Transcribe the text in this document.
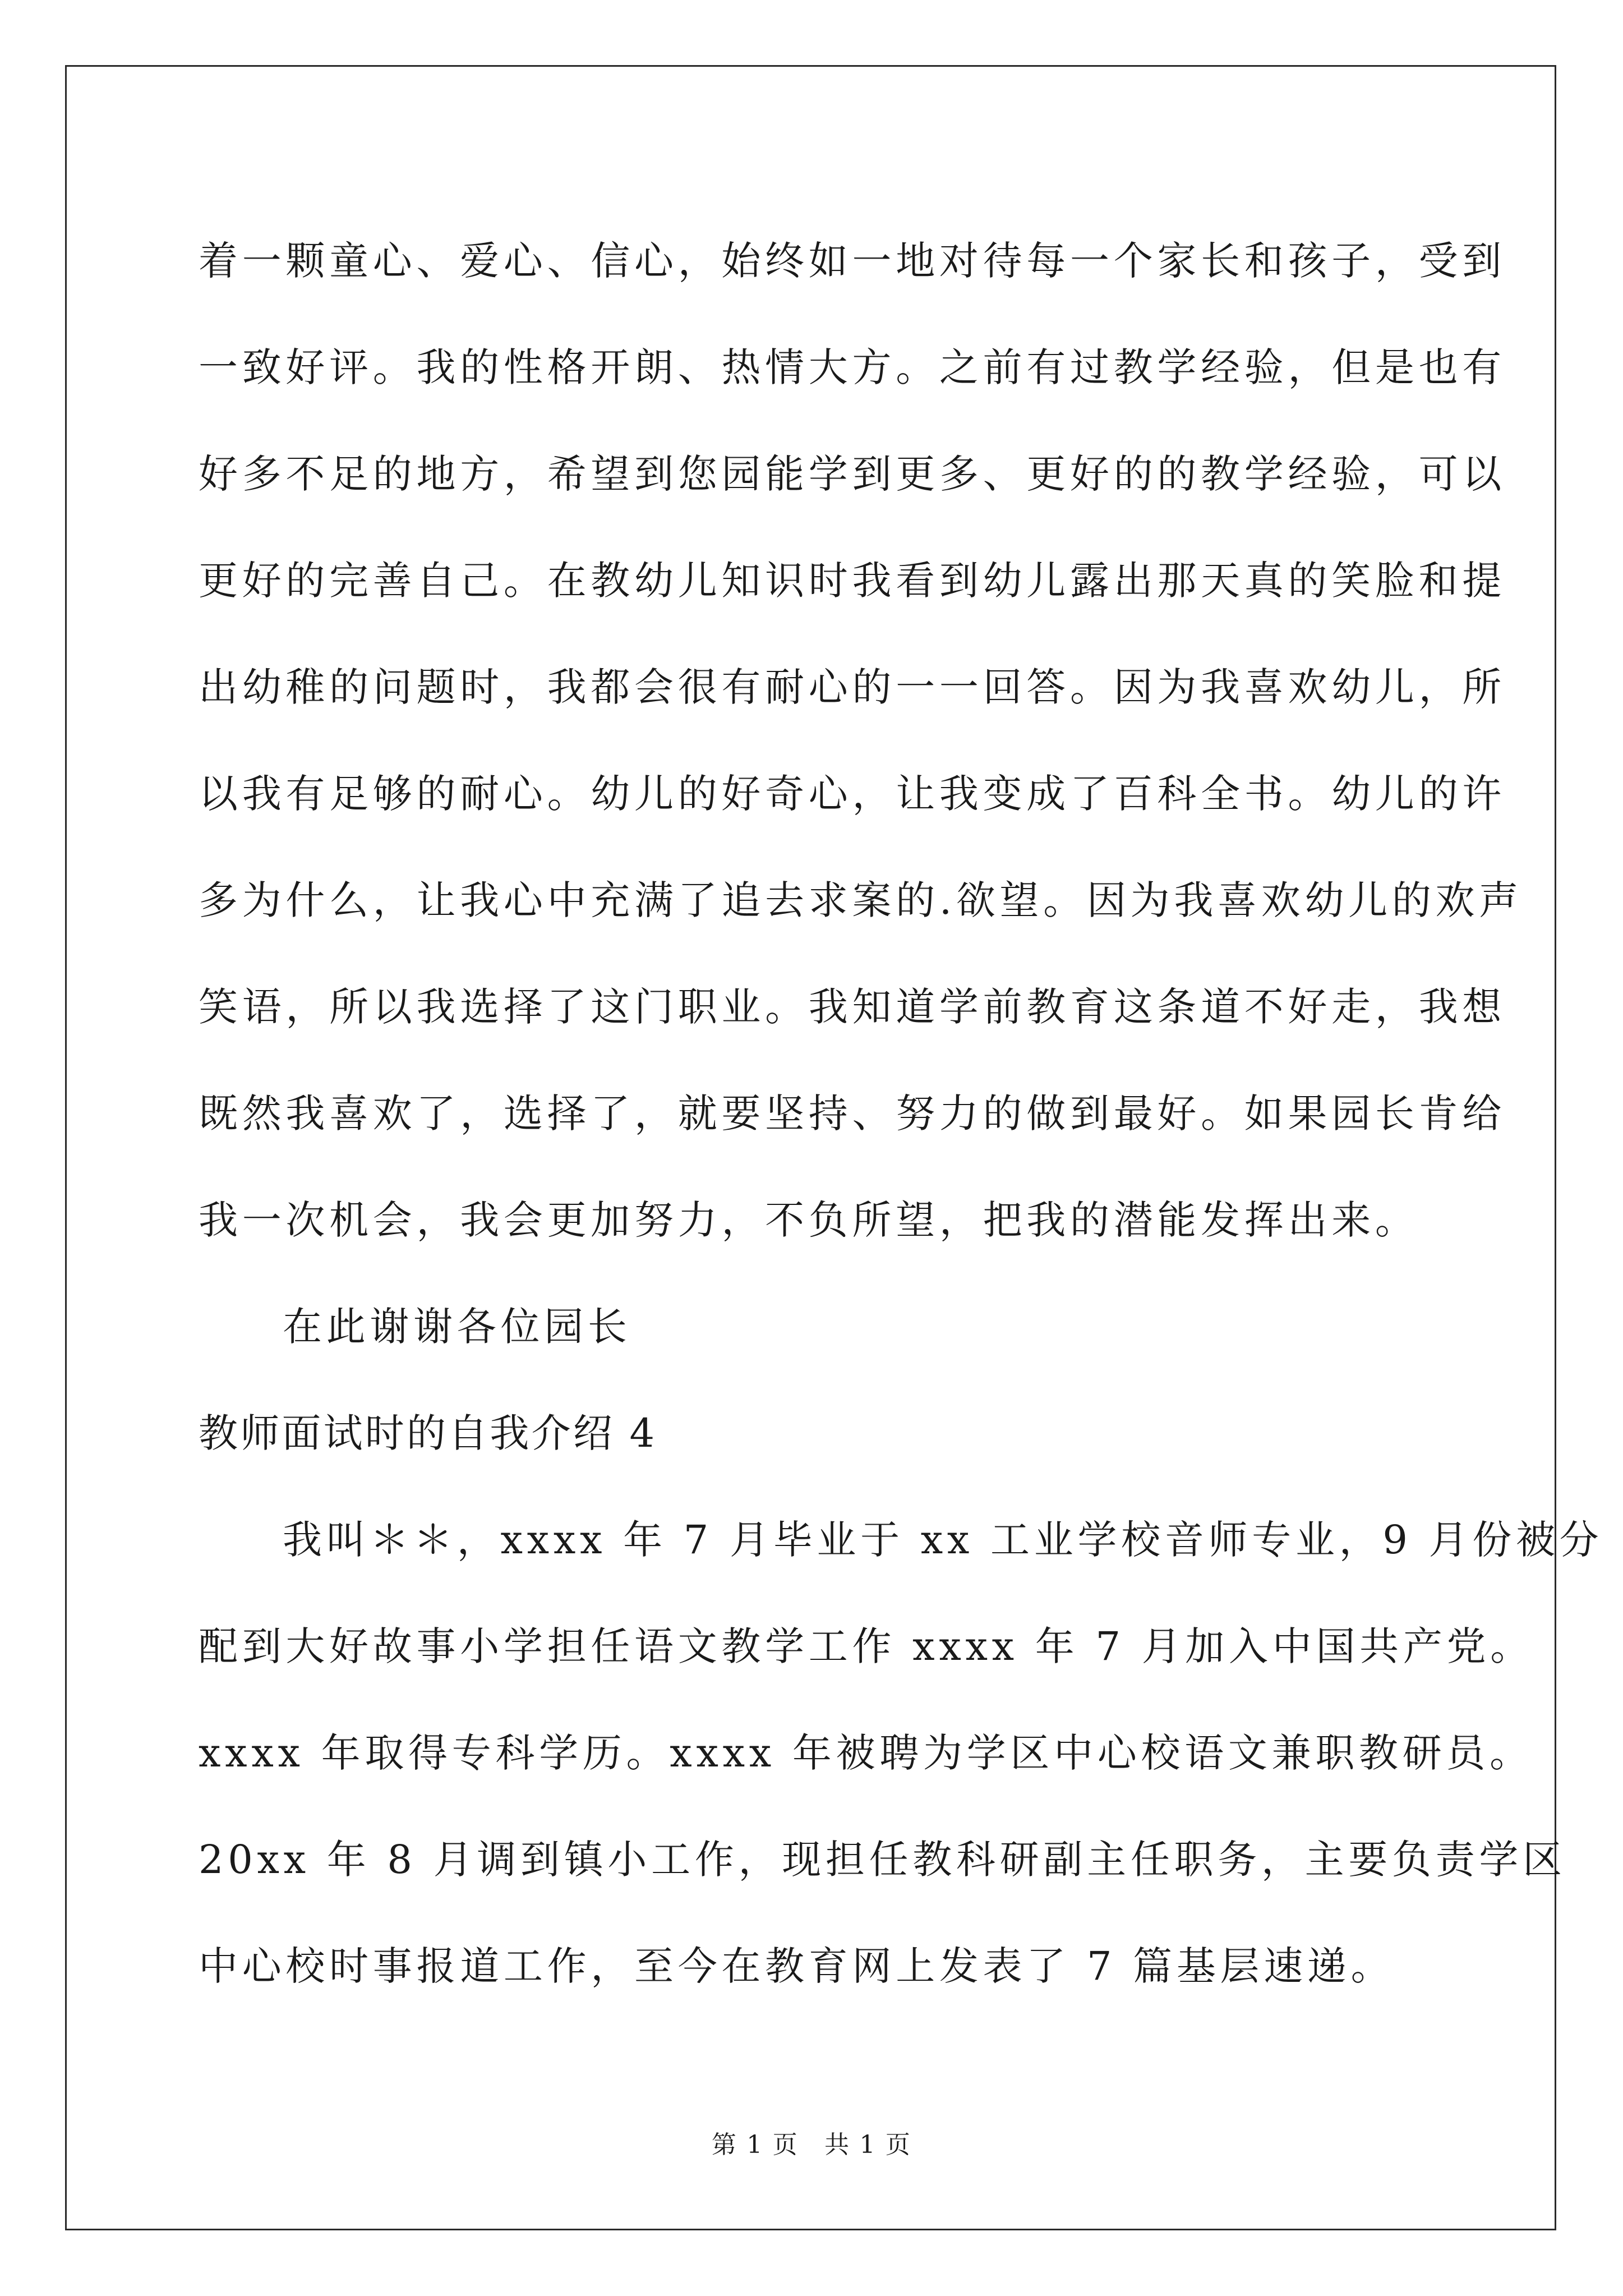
着一颗童心、爱心、信心，始终如一地对待每一个家长和孩子，受到
一致好评。我的性格开朗、热情大方。之前有过教学经验，但是也有
好多不足的地方，希望到您园能学到更多、更好的的教学经验，可以
更好的完善自己。在教幼儿知识时我看到幼儿露出那天真的笑脸和提
出幼稚的问题时，我都会很有耐心的一一回答。因为我喜欢幼儿，所
以我有足够的耐心。幼儿的好奇心，让我变成了百科全书。幼儿的许
多为什么，让我心中充满了追去求案的.欲望。因为我喜欢幼儿的欢声
笑语，所以我选择了这门职业。我知道学前教育这条道不好走，我想
既然我喜欢了，选择了，就要坚持、努力的做到最好。如果园长肯给
我一次机会，我会更加努力，不负所望，把我的潜能发挥出来。
在此谢谢各位园长
教师面试时的自我介绍 4
我叫＊＊，xxxx 年 7 月毕业于 xx 工业学校音师专业，9 月份被分
配到大好故事小学担任语文教学工作 xxxx 年 7 月加入中国共产党。
xxxx 年取得专科学历。xxxx 年被聘为学区中心校语文兼职教研员。
20xx 年 8 月调到镇小工作，现担任教科研副主任职务，主要负责学区
中心校时事报道工作，至今在教育网上发表了 7 篇基层速递。
第 1 页　共 1 页
